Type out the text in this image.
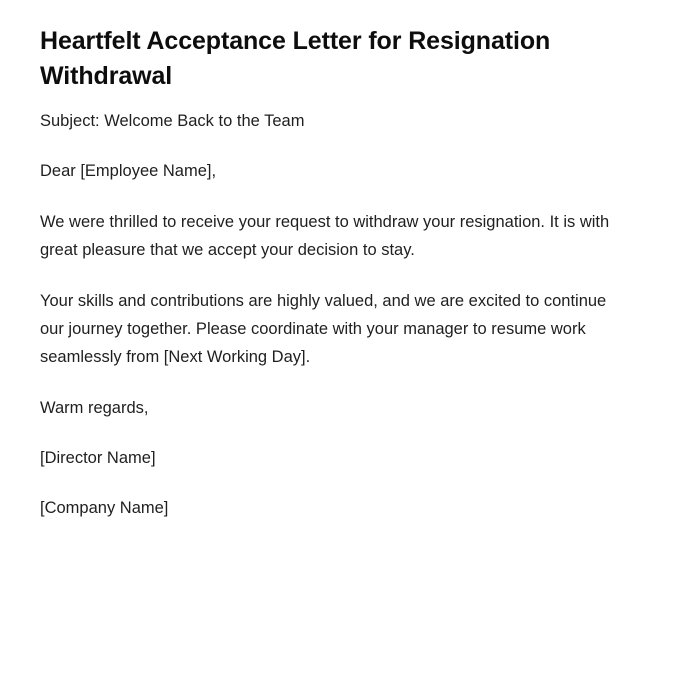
Heartfelt Acceptance Letter for Resignation Withdrawal

Subject: Welcome Back to the Team

Dear [Employee Name],

We were thrilled to receive your request to withdraw your resignation. It is with great pleasure that we accept your decision to stay.

Your skills and contributions are highly valued, and we are excited to continue our journey together. Please coordinate with your manager to resume work seamlessly from [Next Working Day].

Warm regards,

[Director Name]

[Company Name]
